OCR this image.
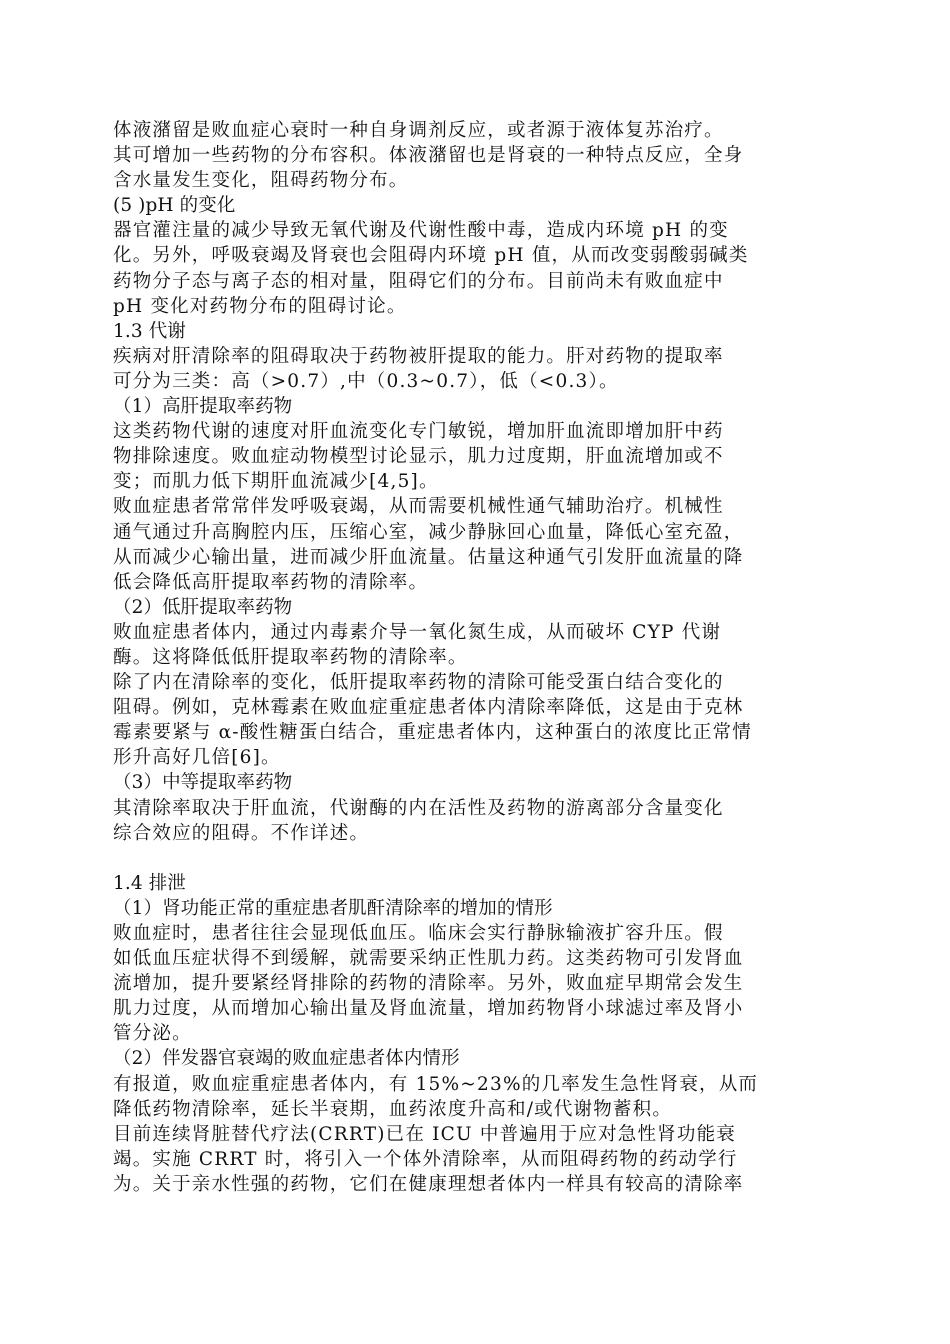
体液潴留是败血症心衰时一种自身调剂反应，或者源于液体复苏治疗。
其可增加一些药物的分布容积。体液潴留也是肾衰的一种特点反应，全身
含水量发生变化，阻碍药物分布。
(5 )pH 的变化
器官灌注量的减少导致无氧代谢及代谢性酸中毒，造成内环境 pH 的变
化。另外，呼吸衰竭及肾衰也会阻碍内环境 pH 值，从而改变弱酸弱碱类
药物分子态与离子态的相对量，阻碍它们的分布。目前尚未有败血症中
pH 变化对药物分布的阻碍讨论。
1.3 代谢
疾病对肝清除率的阻碍取决于药物被肝提取的能力。肝对药物的提取率
可分为三类：高（>0.7）,中（0.3~0.7），低（<0.3）。
（1）高肝提取率药物
这类药物代谢的速度对肝血流变化专门敏锐，增加肝血流即增加肝中药
物排除速度。败血症动物模型讨论显示，肌力过度期，肝血流增加或不
变；而肌力低下期肝血流减少[4,5]。
败血症患者常常伴发呼吸衰竭，从而需要机械性通气辅助治疗。机械性
通气通过升高胸腔内压，压缩心室，减少静脉回心血量，降低心室充盈，
从而减少心输出量，进而减少肝血流量。估量这种通气引发肝血流量的降
低会降低高肝提取率药物的清除率。
（2）低肝提取率药物
败血症患者体内，通过内毒素介导一氧化氮生成，从而破坏 CYP 代谢
酶。这将降低低肝提取率药物的清除率。
除了内在清除率的变化，低肝提取率药物的清除可能受蛋白结合变化的
阻碍。例如，克林霉素在败血症重症患者体内清除率降低，这是由于克林
霉素要紧与 α-酸性糖蛋白结合，重症患者体内，这种蛋白的浓度比正常情
形升高好几倍[6]。
（3）中等提取率药物
其清除率取决于肝血流，代谢酶的内在活性及药物的游离部分含量变化
综合效应的阻碍。不作详述。
1.4 排泄
（1）肾功能正常的重症患者肌酐清除率的增加的情形
败血症时，患者往往会显现低血压。临床会实行静脉输液扩容升压。假
如低血压症状得不到缓解，就需要采纳正性肌力药。这类药物可引发肾血
流增加，提升要紧经肾排除的药物的清除率。另外，败血症早期常会发生
肌力过度，从而增加心输出量及肾血流量，增加药物肾小球滤过率及肾小
管分泌。
（2）伴发器官衰竭的败血症患者体内情形
有报道，败血症重症患者体内，有 15%~23%的几率发生急性肾衰，从而
降低药物清除率，延长半衰期，血药浓度升高和/或代谢物蓄积。
目前连续肾脏替代疗法(CRRT)已在 ICU 中普遍用于应对急性肾功能衰
竭。实施 CRRT 时，将引入一个体外清除率，从而阻碍药物的药动学行
为。关于亲水性强的药物，它们在健康理想者体内一样具有较高的清除率
